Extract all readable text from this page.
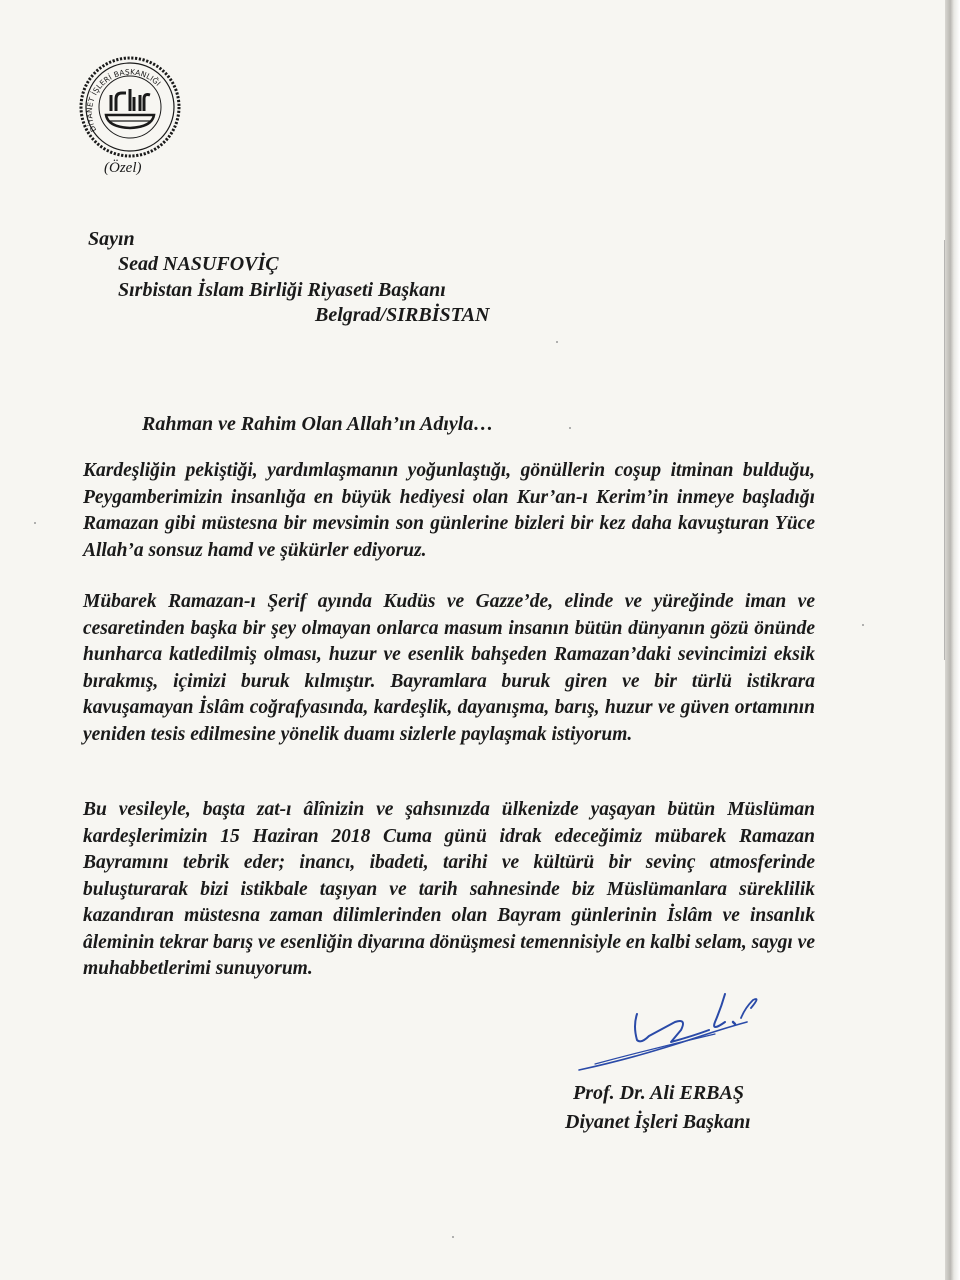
DİYANET İŞLERİ BAŞKANLIĞI
(Özel)
Sayın
Sead NASUFOVİÇ
Sırbistan İslam Birliği Riyaseti Başkanı
Belgrad/SIRBİSTAN
Rahman ve Rahim Olan Allah’ın Adıyla…

Kardeşliğin pekiştiği, yardımlaşmanın yoğunlaştığı, gönüllerin coşup itminan bulduğu, Peygamberimizin insanlığa en büyük hediyesi olan Kur’an-ı Kerim’in inmeye başladığı Ramazan gibi müstesna bir mevsimin son günlerine bizleri bir kez daha kavuşturan Yüce Allah’a sonsuz hamd ve şükürler ediyoruz.

Mübarek Ramazan-ı Şerif ayında Kudüs ve Gazze’de, elinde ve yüreğinde iman ve cesaretinden başka bir şey olmayan onlarca masum insanın bütün dünyanın gözü önünde hunharca katledilmiş olması, huzur ve esenlik bahşeden Ramazan’daki sevincimizi eksik bırakmış, içimizi buruk kılmıştır. Bayramlara buruk giren ve bir türlü istikrara kavuşamayan İslâm coğrafyasında, kardeşlik, dayanışma, barış, huzur ve güven ortamının yeniden tesis edilmesine yönelik duamı sizlerle paylaşmak istiyorum.

Bu vesileyle, başta zat-ı âlînizin ve şahsınızda ülkenizde yaşayan bütün Müslüman kardeşlerimizin 15 Haziran 2018 Cuma günü idrak edeceğimiz mübarek Ramazan Bayramını tebrik eder; inancı, ibadeti, tarihi ve kültürü bir sevinç atmosferinde buluşturarak bizi istikbale taşıyan ve tarih sahnesinde biz Müslümanlara süreklilik kazandıran müstesna zaman dilimlerinden olan Bayram günlerinin İslâm ve insanlık âleminin tekrar barış ve esenliğin diyarına dönüşmesi temennisiyle en kalbi selam, saygı ve muhabbetlerimi sunuyorum.

Prof. Dr. Ali ERBAŞ
Diyanet İşleri Başkanı
